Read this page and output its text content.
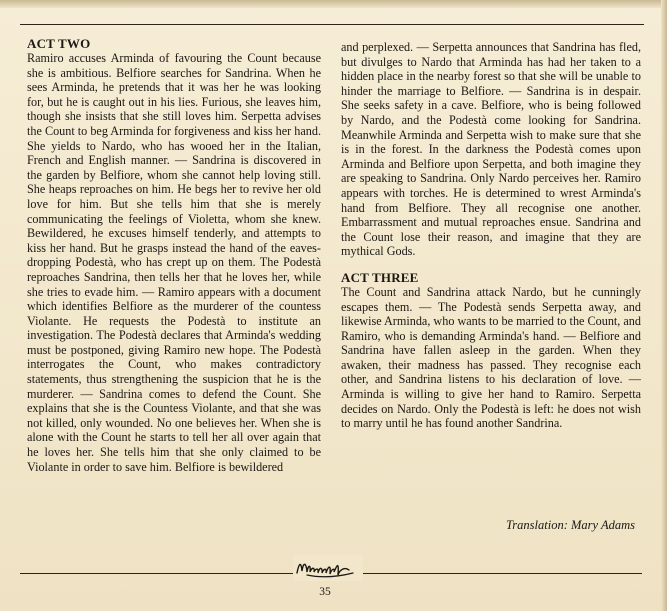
ACT TWO

Ramiro accuses Arminda of favouring the Count because she is ambitious. Belfiore searches for Sandrina. When he sees Arminda, he pretends that it was her he was looking for, but he is caught out in his lies. Furious, she leaves him, though she insists that she still loves him. Serpetta advises the Count to beg Arminda for forgiveness and kiss her hand. She yields to Nardo, who has wooed her in the Italian, French and English manner. — Sandrina is discovered in the garden by Belfiore, whom she cannot help loving still. She heaps reproaches on him. He begs her to revive her old love for him. But she tells him that she is merely communicating the feelings of Violetta, whom she knew. Bewildered, he excuses himself tenderly, and attempts to kiss her hand. But he grasps instead the hand of the eaves-dropping Podestà, who has crept up on them. The Podestà reproaches Sandrina, then tells her that he loves her, while she tries to evade him. — Ramiro appears with a document which identifies Belfiore as the murderer of the countess Violante. He requests the Podestà to institute an investigation. The Podestà declares that Arminda's wedding must be postponed, giving Ramiro new hope. The Podestà interrogates the Count, who makes contradictory statements, thus strengthening the suspicion that he is the murderer. — Sandrina comes to defend the Count. She explains that she is the Countess Violante, and that she was not killed, only wounded. No one believes her. When she is alone with the Count he starts to tell her all over again that he loves her. She tells him that she only claimed to be Violante in order to save him. Belfiore is bewildered

and perplexed. — Serpetta announces that Sandrina has fled, but divulges to Nardo that Arminda has had her taken to a hidden place in the nearby forest so that she will be unable to hinder the marriage to Belfiore. — Sandrina is in despair. She seeks safety in a cave. Belfiore, who is being followed by Nardo, and the Podestà come looking for Sandrina. Meanwhile Arminda and Serpetta wish to make sure that she is in the forest. In the darkness the Podestà comes upon Arminda and Belfiore upon Serpetta, and both imagine they are speaking to Sandrina. Only Nardo perceives her. Ramiro appears with torches. He is determined to wrest Arminda's hand from Belfiore. They all recognise one another. Embarrassment and mutual reproaches ensue. Sandrina and the Count lose their reason, and imagine that they are mythical Gods.

ACT THREE

The Count and Sandrina attack Nardo, but he cunningly escapes them. — The Podestà sends Serpetta away, and likewise Arminda, who wants to be married to the Count, and Ramiro, who is demanding Arminda's hand. — Belfiore and Sandrina have fallen asleep in the garden. When they awaken, their madness has passed. They recognise each other, and Sandrina listens to his declaration of love. — Arminda is willing to give her hand to Ramiro. Serpetta decides on Nardo. Only the Podestà is left: he does not wish to marry until he has found another Sandrina.

Translation: Mary Adams
35
